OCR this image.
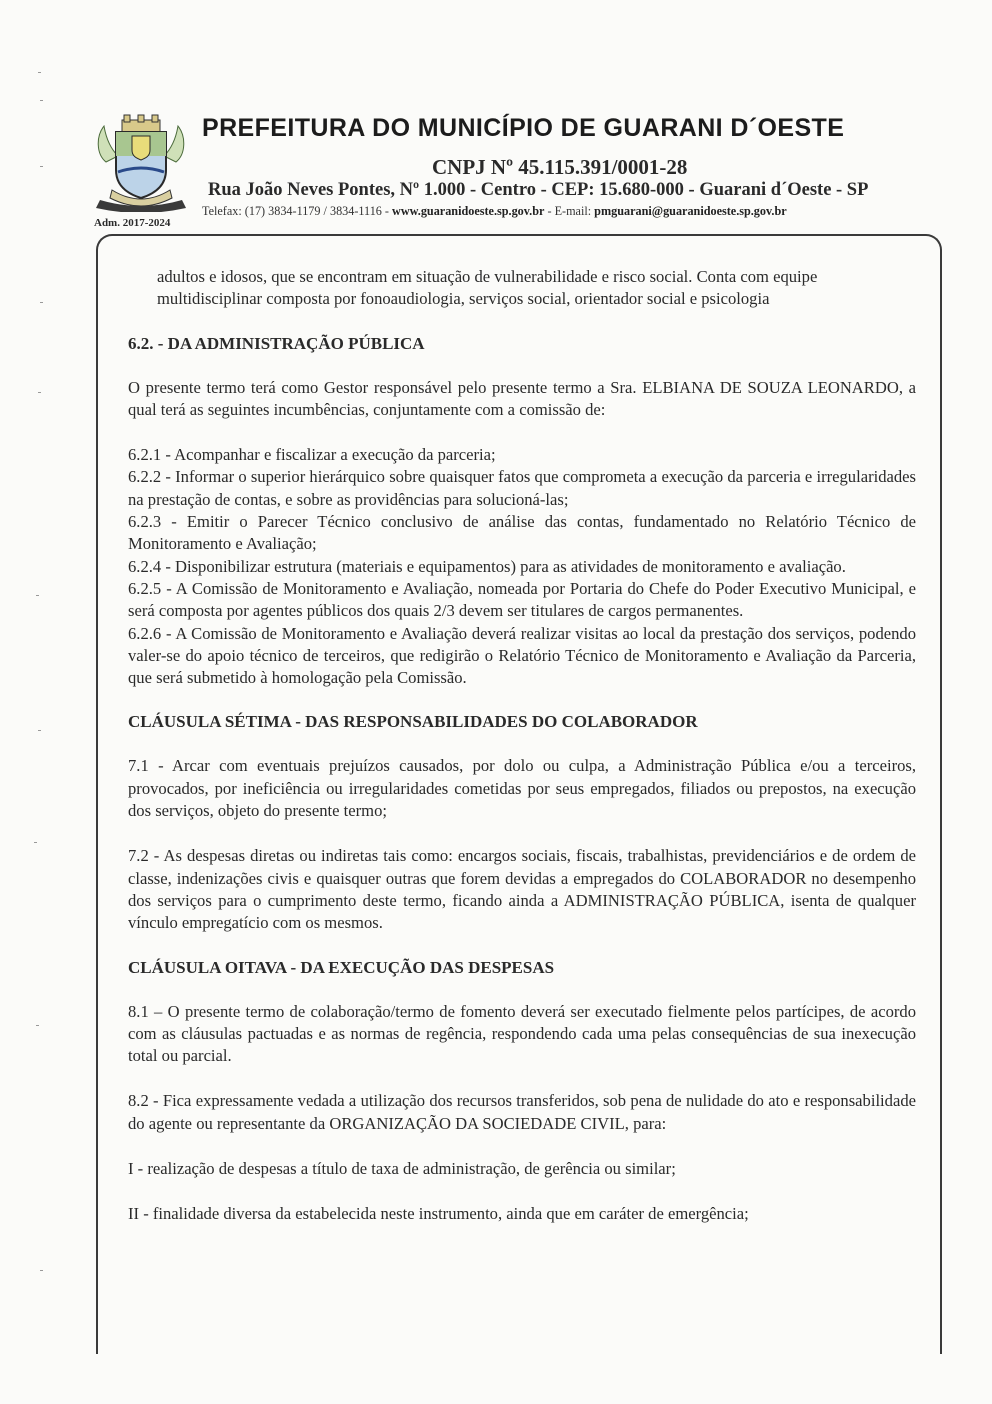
Adm. 2017-2024
PREFEITURA DO MUNICÍPIO DE GUARANI D´OESTE
CNPJ Nº 45.115.391/0001-28
Rua João Neves Pontes, Nº 1.000 - Centro - CEP: 15.680-000 - Guarani d´Oeste - SP
Telefax: (17) 3834-1179 / 3834-1116 - www.guaranidoeste.sp.gov.br - E-mail: pmguarani@guaranidoeste.sp.gov.br

adultos e idosos, que se encontram em situação de vulnerabilidade e risco social. Conta com equipe multidisciplinar composta por fonoaudiologia, serviços social, orientador social e psicologia

6.2. - DA ADMINISTRAÇÃO PÚBLICA

O presente termo terá como Gestor responsável pelo presente termo a Sra. ELBIANA DE SOUZA LEONARDO, a qual terá as seguintes incumbências, conjuntamente com a comissão de:

6.2.1 - Acompanhar e fiscalizar a execução da parceria;

6.2.2 - Informar o superior hierárquico sobre quaisquer fatos que comprometa a execução da parceria e irregularidades na prestação de contas, e sobre as providências para solucioná-las;

6.2.3 - Emitir o Parecer Técnico conclusivo de análise das contas, fundamentado no Relatório Técnico de Monitoramento e Avaliação;

6.2.4 - Disponibilizar estrutura (materiais e equipamentos) para as atividades de monitoramento e avaliação.

6.2.5 - A Comissão de Monitoramento e Avaliação, nomeada por Portaria do Chefe do Poder Executivo Municipal, e será composta por agentes públicos dos quais 2/3 devem ser titulares de cargos permanentes.

6.2.6 - A Comissão de Monitoramento e Avaliação deverá realizar visitas ao local da prestação dos serviços, podendo valer-se do apoio técnico de terceiros, que redigirão o Relatório Técnico de Monitoramento e Avaliação da Parceria, que será submetido à homologação pela Comissão.

CLÁUSULA SÉTIMA - DAS RESPONSABILIDADES DO COLABORADOR

7.1 - Arcar com eventuais prejuízos causados, por dolo ou culpa, a Administração Pública e/ou a terceiros, provocados, por ineficiência ou irregularidades cometidas por seus empregados, filiados ou prepostos, na execução dos serviços, objeto do presente termo;

7.2 - As despesas diretas ou indiretas tais como: encargos sociais, fiscais, trabalhistas, previdenciários e de ordem de classe, indenizações civis e quaisquer outras que forem devidas a empregados do COLABORADOR no desempenho dos serviços para o cumprimento deste termo, ficando ainda a ADMINISTRAÇÃO PÚBLICA, isenta de qualquer vínculo empregatício com os mesmos.

CLÁUSULA OITAVA - DA EXECUÇÃO DAS DESPESAS

8.1 – O presente termo de colaboração/termo de fomento deverá ser executado fielmente pelos partícipes, de acordo com as cláusulas pactuadas e as normas de regência, respondendo cada uma pelas consequências de sua inexecução total ou parcial.

8.2 - Fica expressamente vedada a utilização dos recursos transferidos, sob pena de nulidade do ato e responsabilidade do agente ou representante da ORGANIZAÇÃO DA SOCIEDADE CIVIL, para:

I - realização de despesas a título de taxa de administração, de gerência ou similar;

II - finalidade diversa da estabelecida neste instrumento, ainda que em caráter de emergência;
